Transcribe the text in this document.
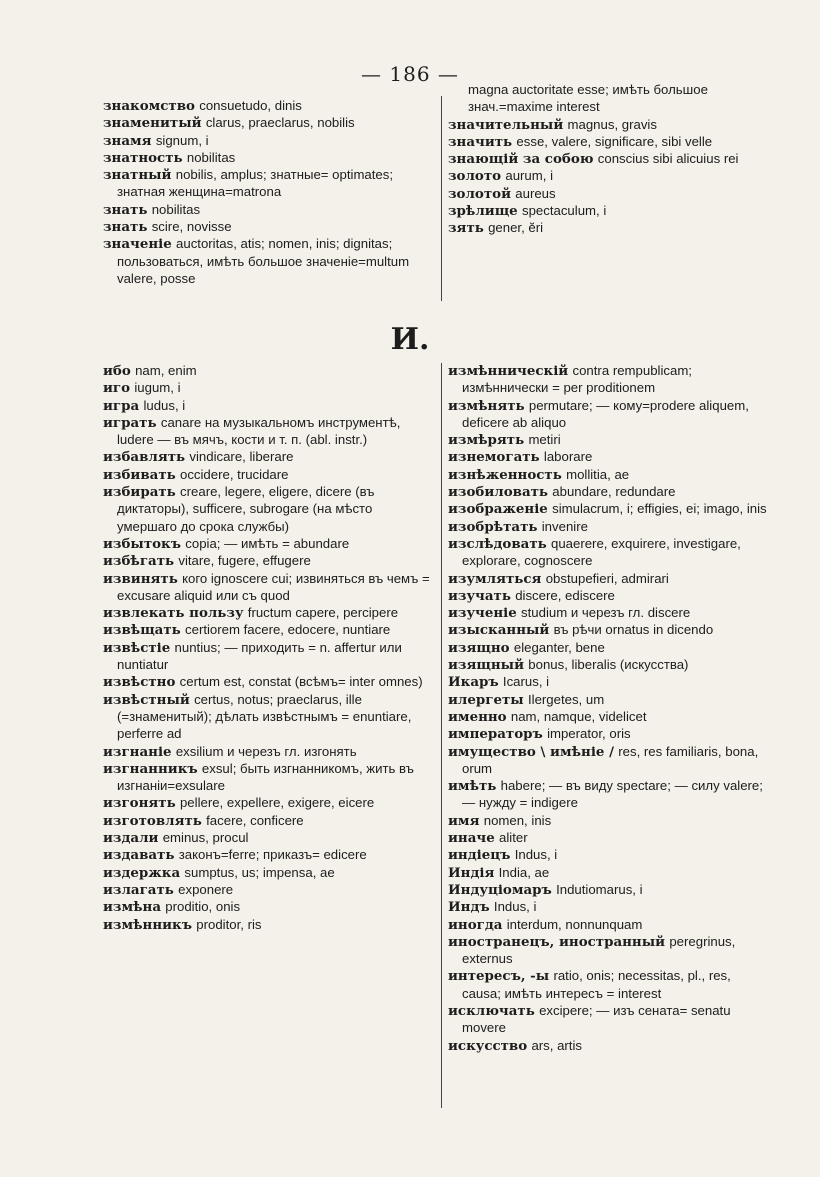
— 186 —

знакомство consuetudo, dinis

знаменитый clarus, praeclarus, nobilis

знамя signum, i

знатность nobilitas

знатный nobilis, amplus; знатные= optimates; знатная женщина=matrona

знать nobilitas

знать scire, novisse

значеніе auctoritas, atis; nomen, inis; dignitas; пользоваться, имѣть большое значеніе=multum valere, posse

magna auctoritate esse; имѣть большое знач.=maxime interest

значительный magnus, gravis

значить esse, valere, significare, sibi velle

знающій за собою conscius sibi alicuius rei

золото aurum, i

золотой aureus

зрѣлище spectaculum, i

зять gener, ĕri

И.

ибо nam, enim

иго iugum, i

игра ludus, i

играть canare на музыкальномъ инструментѣ, ludere — въ мячъ, кости и т. п. (abl. instr.)

избавлять vindicare, liberare

избивать occidere, trucidare

избирать creare, legere, eligere, dicere (въ диктаторы), sufficere, subrogare (на мѣсто умершаго до срока службы)

избытокъ copia; — имѣть = abundare

избѣгать vitare, fugere, effugere

извинять кого ignoscere cui; извиняться въ чемъ = excusare aliquid или съ quod

извлекать пользу fructum capere, percipere

извѣщать certiorem facere, edocere, nuntiare

извѣстіе nuntius; — приходить = n. affertur или nuntiatur

извѣстно certum est, constat (всѣмъ= inter omnes)

извѣстный certus, notus; praeclarus, ille (=знаменитый); дѣлать извѣстнымъ = enuntiare, perferre ad

изгнаніе exsilium и черезъ гл. изгонять

изгнанникъ exsul; быть изгнанникомъ, жить въ изгнаніи=exsulare

изгонять pellere, expellere, exigere, eicere

изготовлять facere, conficere

издали eminus, procul

издавать законъ=ferre; приказъ= edicere

издержка sumptus, us; impensa, ae

излагать exponere

измѣна proditio, onis

измѣнникъ proditor, ris

измѣнническій contra rempublicam; измѣннически = per proditionem

измѣнять permutare; — кому=prodere aliquem, deficere ab aliquo

измѣрять metiri

изнемогать laborare

изнѣженность mollitia, ae

изобиловать abundare, redundare

изображеніе simulacrum, i; effigies, ei; imago, inis

изобрѣтать invenire

изслѣдовать quaerere, exquirere, investigare, explorare, cognoscere

изумляться obstupefieri, admirari

изучать discere, ediscere

изученіе studium и черезъ гл. discere

изысканный въ рѣчи ornatus in dicendo

изящно eleganter, bene

изящный bonus, liberalis (искусства)

Икаръ Icarus, i

илергеты Ilergetes, um

именно nam, namque, videlicet

императоръ imperator, oris

имущество \ имѣніе / res, res familiaris, bona, orum

имѣть habere; — въ виду spectare; — силу valere; — нужду = indigere

имя nomen, inis

иначе aliter

индіецъ Indus, i

Индія India, ae

Индуціомаръ Indutiomarus, i

Индъ Indus, i

иногда interdum, nonnunquam

иностранецъ, иностранный peregrinus, externus

интересъ, -ы ratio, onis; necessitas, pl., res, causa; имѣть интересъ = interest

исключать excipere; — изъ сената= senatu movere

искусство ars, artis
